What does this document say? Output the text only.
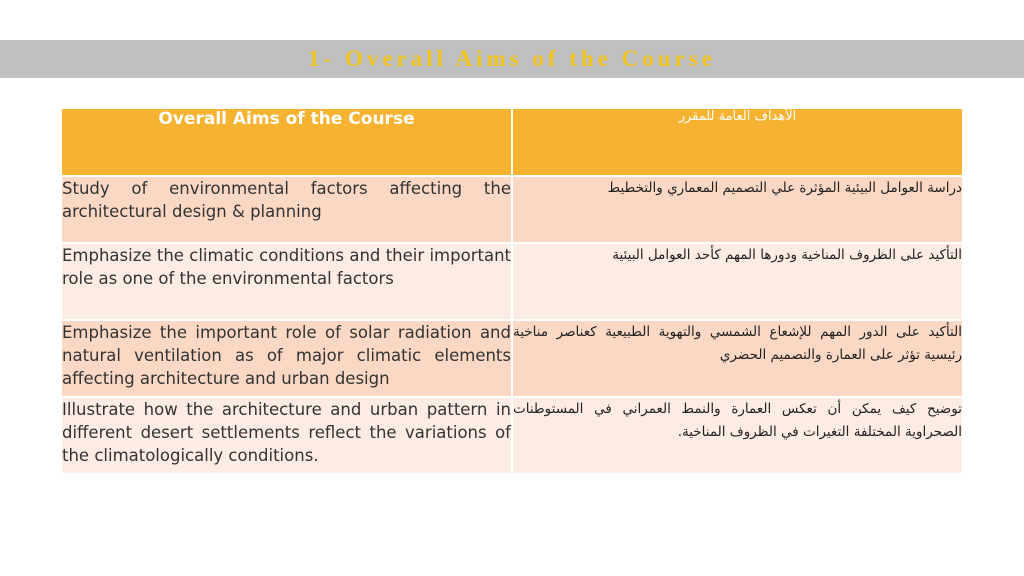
1- Overall Aims of the Course
Overall Aims of the Course	الأهداف العامة للمقرر
Study of environmental factors affecting the architectural design & planning	دراسة العوامل البيئية المؤثرة علي التصميم المعماري والتخطيط
Emphasize the climatic conditions and their important role as one of the environmental factors	التأكيد على الظروف المناخية ودورها المهم كأحد العوامل البيئية
Emphasize the important role of solar radiation and natural ventilation as of major climatic elements affecting architecture and urban design	التأكيد على الدور المهم للإشعاع الشمسي والتهوية الطبيعية كعناصر مناخية رئيسية تؤثر على العمارة والتصميم الحضري
Illustrate how the architecture and urban pattern in different desert settlements reflect the variations of the climatologically conditions.	توضيح كيف يمكن أن تعكس العمارة والنمط العمراني في المستوطنات الصحراوية المختلفة التغيرات في الظروف المناخية.
